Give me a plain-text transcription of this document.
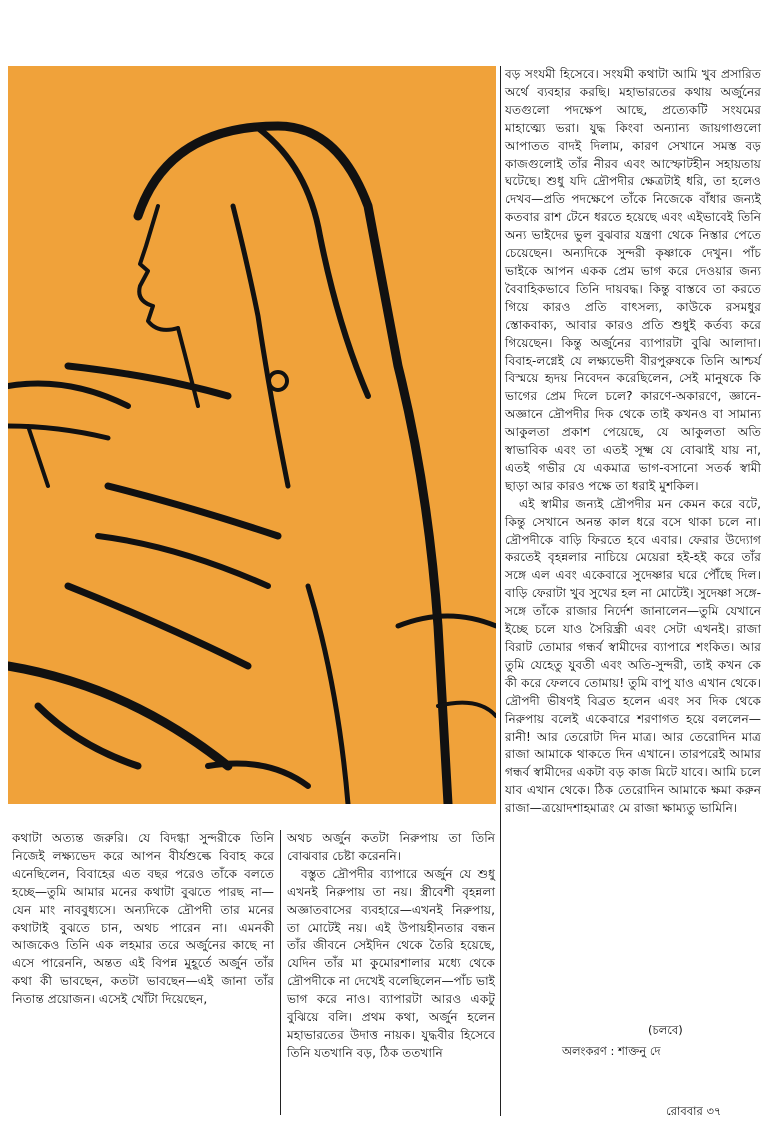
বড় সংযমী হিসেবে। সংযমী কথাটা আমি খুব প্রসারিত অর্থে ব্যবহার করছি। মহাভারতের কথায় অর্জুনের যতগুলো পদক্ষেপ আছে, প্রত্যেকটি সংযমের মাহাত্ম্যে ভরা। যুদ্ধ কিংবা অন্যান্য জায়গাগুলো আপাতত বাদই দিলাম, কারণ সেখানে সমস্ত বড় কাজগুলোই তাঁর নীরব এবং আস্ফোটহীন সহায়তায় ঘটেছে। শুধু যদি দ্রৌপদীর ক্ষেত্রটাই ধরি, তা হলেও দেখব—প্রতি পদক্ষেপে তাঁকে নিজেকে বাঁধার জন্যই কতবার রাশ টেনে ধরতে হয়েছে এবং এইভাবেই তিনি অন্য ভাইদের ভুল বুঝবার যন্ত্রণা থেকে নিস্তার পেতে চেয়েছেন। অন্যদিকে সুন্দরী কৃষ্ণাকে দেখুন। পাঁচ ভাইকে আপন একক প্রেম ভাগ করে দেওয়ার জন্য বৈবাহিকভাবে তিনি দায়বদ্ধ। কিন্তু বাস্তবে তা করতে গিয়ে কারও প্রতি বাৎসল্য, কাউকে রসমধুর স্তোকবাক্য, আবার কারও প্রতি শুধুই কর্তব্য করে গিয়েছেন। কিন্তু অর্জুনের ব্যাপারটা বুঝি আলাদা। বিবাহ-লগ্নেই যে লক্ষ্যভেদী বীরপুরুষকে তিনি আশ্চর্য বিস্ময়ে হৃদয় নিবেদন করেছিলেন, সেই মানুষকে কি ভাগের প্রেম দিলে চলে? কারণে-অকারণে, জ্ঞানে-অজ্ঞানে দ্রৌপদীর দিক থেকে তাই কখনও বা সামান্য আকুলতা প্রকাশ পেয়েছে, যে আকুলতা অতি স্বাভাবিক এবং তা এতই সূক্ষ্ম যে বোঝাই যায় না, এতই গভীর যে একমাত্র ভাগ-বসানো সতর্ক স্বামী ছাড়া আর কারও পক্ষে তা ধরাই মুশকিল।

এই স্বামীর জন্যই দ্রৌপদীর মন কেমন করে বটে, কিন্তু সেখানে অনন্ত কাল ধরে বসে থাকা চলে না। দ্রৌপদীকে বাড়ি ফিরতে হবে এবার। ফেরার উদ্যোগ করতেই বৃহন্নলার নাচিয়ে মেয়েরা হই-হই করে তাঁর সঙ্গে এল এবং একেবারে সুদেষ্ণার ঘরে পৌঁছে দিল। বাড়ি ফেরাটা খুব সুখের হল না মোটেই। সুদেষ্ণা সঙ্গে-সঙ্গে তাঁকে রাজার নির্দেশ জানালেন—তুমি যেখানে ইচ্ছে চলে যাও সৈরিন্ধ্রী এবং সেটা এখনই। রাজা বিরাট তোমার গন্ধর্ব স্বামীদের ব্যাপারে শংকিত। আর তুমি যেহেতু যুবতী এবং অতি-সুন্দরী, তাই কখন কে কী করে ফেলবে তোমায়! তুমি বাপু যাও এখান থেকে। দ্রৌপদী ভীষণই বিব্রত হলেন এবং সব দিক থেকে নিরুপায় বলেই একেবারে শরণাগত হয়ে বললেন—রানী! আর তেরোটা দিন মাত্র। আর তেরোদিন মাত্র রাজা আমাকে থাকতে দিন এখানে। তারপরেই আমার গন্ধর্ব স্বামীদের একটা বড় কাজ মিটে যাবে। আমি চলে যাব এখান থেকে। ঠিক তেরোদিন আমাকে ক্ষমা করুন রাজা—ত্রয়োদশাহমাত্রং মে রাজা ক্ষাম্যতু ভামিনি।

কথাটা অত্যন্ত জরুরি। যে বিদগ্ধা সুন্দরীকে তিনি নিজেই লক্ষ্যভেদ করে আপন বীর্যশুল্কে বিবাহ করে এনেছিলেন, বিবাহের এত বছর পরেও তাঁকে বলতে হচ্ছে—তুমি আমার মনের কথাটা বুঝতে পারছ না—যেন মাং নাববুধ্যসে। অন্যদিকে দ্রৌপদী তার মনের কথাটাই বুঝতে চান, অথচ পারেন না। এমনকী আজকেও তিনি এক লহমার তরে অর্জুনের কাছে না এসে পারেননি, অন্তত এই বিপন্ন মুহূর্তে অর্জুন তাঁর কথা কী ভাবছেন, কতটা ভাবছেন—এই জানা তাঁর নিতান্ত প্রয়োজন। এসেই খোঁটা দিয়েছেন,

অথচ অর্জুন কতটা নিরুপায় তা তিনি বোঝবার চেষ্টা করেননি।

বস্তুত দ্রৌপদীর ব্যাপারে অর্জুন যে শুধু এখনই নিরুপায় তা নয়। স্ত্রীবেশী বৃহন্নলা অজ্ঞাতবাসের ব্যবহারে—এখনই নিরুপায়, তা মোটেই নয়। এই উপায়হীনতার বন্ধন তাঁর জীবনে সেইদিন থেকে তৈরি হয়েছে, যেদিন তাঁর মা কুমোরশালার মধ্যে থেকে দ্রৌপদীকে না দেখেই বলেছিলেন—পাঁচ ভাই ভাগ করে নাও। ব্যাপারটা আরও একটু বুঝিয়ে বলি। প্রথম কথা, অর্জুন হলেন মহাভারতের উদাত্ত নায়ক। যুদ্ধবীর হিসেবে তিনি যতখানি বড়, ঠিক ততখানি

(চলবে)
অলংকরণ : শাক্তনু দে
রোববার ৩৭
